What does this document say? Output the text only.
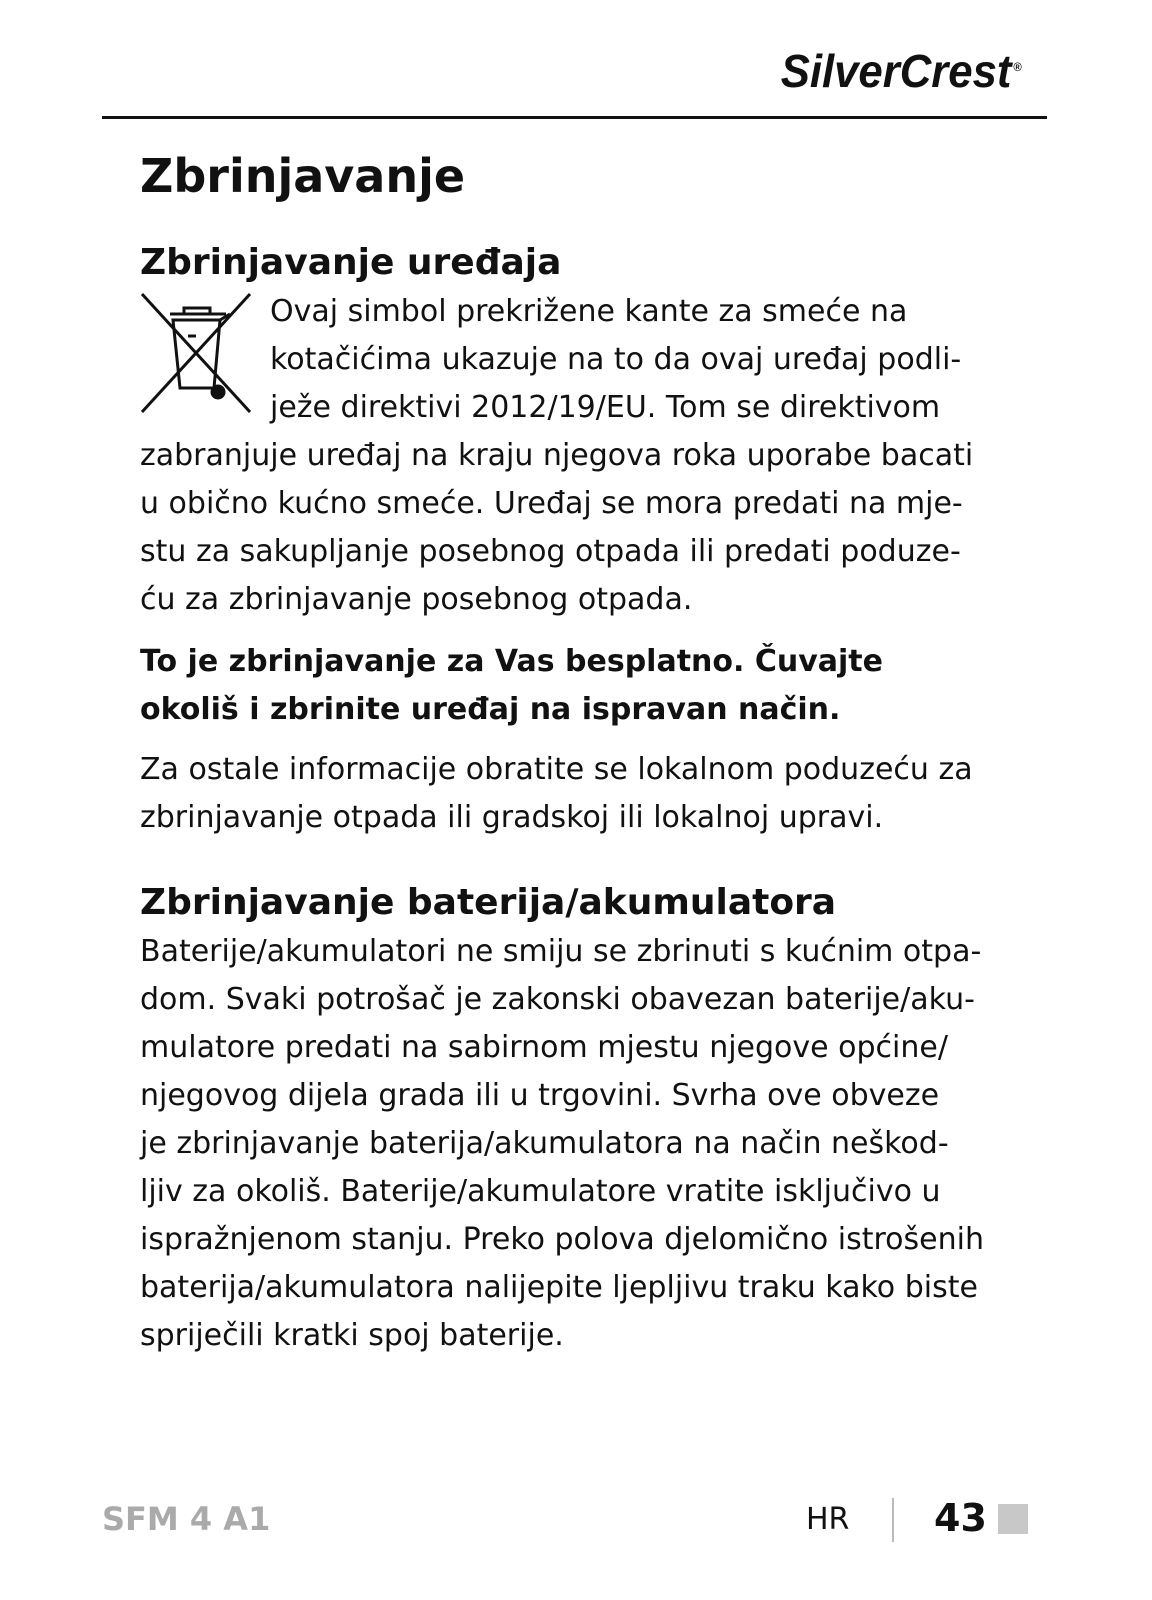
SilverCrest ®
Zbrinjavanje
Zbrinjavanje uređaja

Ovaj simbol prekrižene kante za smeće na
kotačićima ukazuje na to da ovaj uređaj podli-
ježe direktivi 2012/19/EU. Tom se direktivom
zabranjuje uređaj na kraju njegova roka uporabe bacati
u obično kućno smeće. Uređaj se mora predati na mje-
stu za sakupljanje posebnog otpada ili predati poduze-
ću za zbrinjavanje posebnog otpada.

To je zbrinjavanje za Vas besplatno. Čuvajte
okoliš i zbrinite uređaj na ispravan način.

Za ostale informacije obratite se lokalnom poduzeću za
zbrinjavanje otpada ili gradskoj ili lokalnoj upravi.

Zbrinjavanje baterija/akumulatora

Baterije/akumulatori ne smiju se zbrinuti s kućnim otpa-
dom. Svaki potrošač je zakonski obavezan baterije/aku-
mulatore predati na sabirnom mjestu njegove općine/
njegovog dijela grada ili u trgovini. Svrha ove obveze
je zbrinjavanje baterija/akumulatora na način neškod-
ljiv za okoliš. Baterije/akumulatore vratite isključivo u
ispražnjenom stanju. Preko polova djelomično istrošenih
baterija/akumulatora nalijepite ljepljivu traku kako biste
spriječili kratki spoj baterije.

SFM 4 A1	HR 43
